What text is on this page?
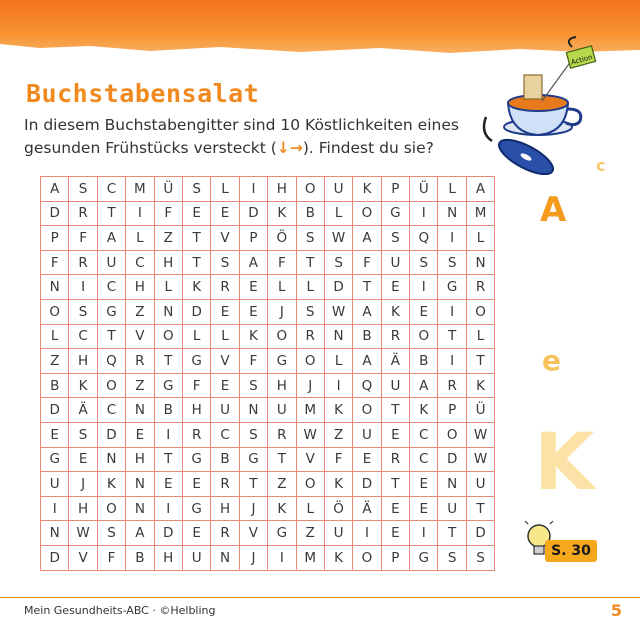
Buchstabensalat
In diesem Buchstabengitter sind 10 Köstlichkeiten eines gesunden Frühstücks versteckt (↓→). Findest du sie?
A	S	C	M	Ü	S	L	I	H	O	U	K	P	Ü	L	A
D	R	T	I	F	E	E	D	K	B	L	O	G	I	N	M
P	F	A	L	Z	T	V	P	Ö	S	W	A	S	Q	I	L
F	R	U	C	H	T	S	A	F	T	S	F	U	S	S	N
N	I	C	H	L	K	R	E	L	L	D	T	E	I	G	R
O	S	G	Z	N	D	E	E	J	S	W	A	K	E	I	O
L	C	T	V	O	L	L	K	O	R	N	B	R	O	T	L
Z	H	Q	R	T	G	V	F	G	O	L	A	Ä	B	I	T
B	K	O	Z	G	F	E	S	H	J	I	Q	U	A	R	K
D	Ä	C	N	B	H	U	N	U	M	K	O	T	K	P	Ü
E	S	D	E	I	R	C	S	R	W	Z	U	E	C	O	W
G	E	N	H	T	G	B	G	T	V	F	E	R	C	D	W
U	J	K	N	E	E	R	T	Z	O	K	D	T	E	N	U
I	H	O	N	I	G	H	J	K	L	Ö	Ä	E	E	U	T
N	W	S	A	D	E	R	V	G	Z	U	I	E	I	T	D
D	V	F	B	H	U	N	J	I	M	K	O	P	G	S	S
Action
c
A
e
K
S. 30
Mein Gesundheits-ABC · ©Helbling	5
